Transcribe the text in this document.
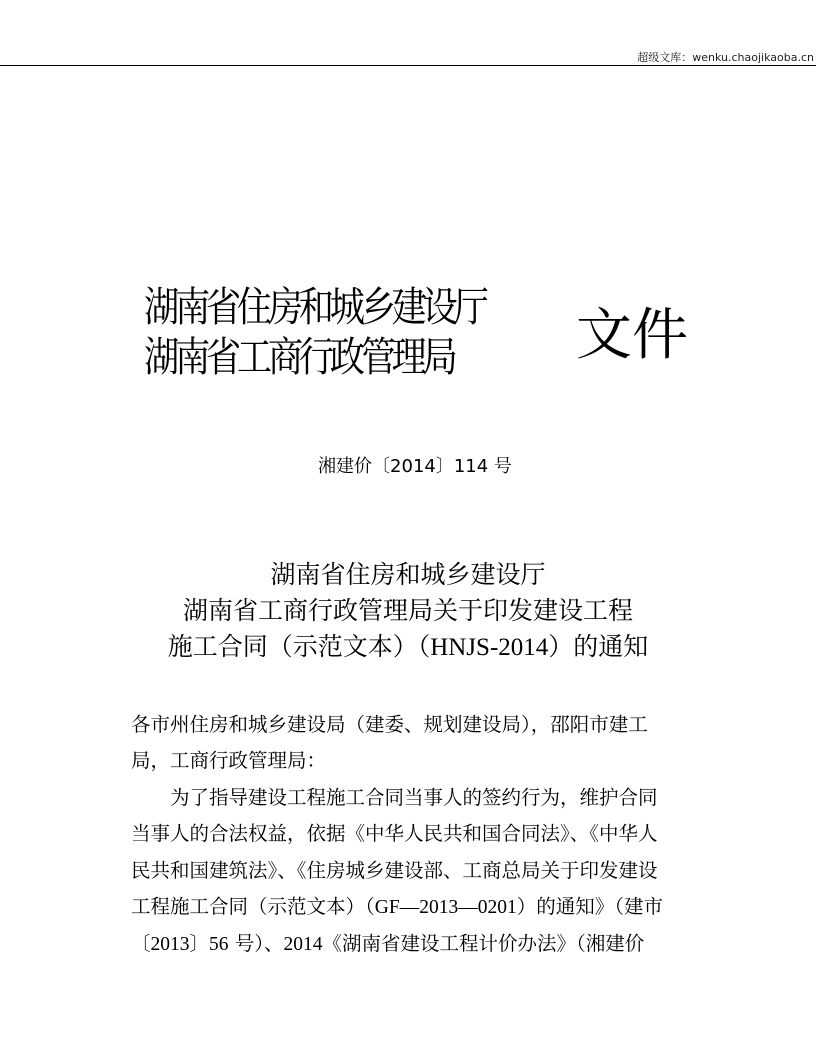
超级文库：wenku.chaojikaoba.cn
湖南省住房和城乡建设厅
湖南省工商行政管理局	文件
湘建价〔2014〕114 号
湖南省住房和城乡建设厅
湖南省工商行政管理局关于印发建设工程
施工合同（示范文本）（HNJS-2014）的通知

各市州住房和城乡建设局（建委、规划建设局），邵阳市建工

局，工商行政管理局：

为了指导建设工程施工合同当事人的签约行为，维护合同

当事人的合法权益，依据《中华人民共和国合同法》、《中华人

民共和国建筑法》、《住房城乡建设部、工商总局关于印发建设

工程施工合同（示范文本）（GF—2013—0201）的通知》（建市

〔2013〕56 号）、2014《湖南省建设工程计价办法》（湘建价
